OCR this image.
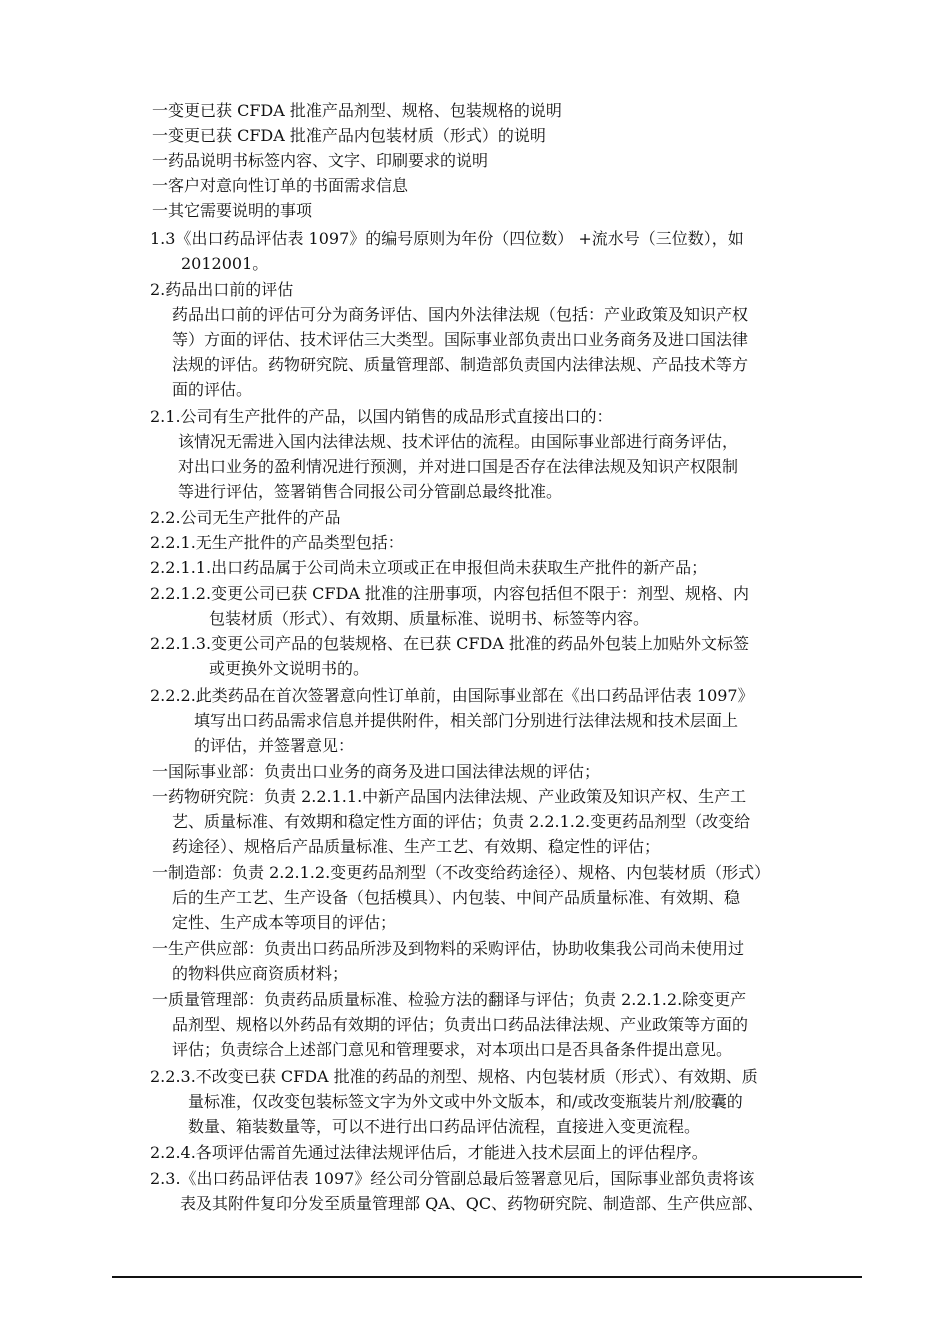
一变更已获 CFDA 批准产品剂型、规格、包装规格的说明
一变更已获 CFDA 批准产品内包装材质（形式）的说明
一药品说明书标签内容、文字、印刷要求的说明
一客户对意向性订单的书面需求信息
一其它需要说明的事项
1.3《出口药品评估表 1097》的编号原则为年份（四位数） +流水号（三位数），如
2012001。
2.药品出口前的评估
药品出口前的评估可分为商务评估、国内外法律法规（包括：产业政策及知识产权
等）方面的评估、技术评估三大类型。国际事业部负责出口业务商务及进口国法律
法规的评估。药物研究院、质量管理部、制造部负责国内法律法规、产品技术等方
面的评估。
2.1.公司有生产批件的产品，以国内销售的成品形式直接出口的：
该情况无需进入国内法律法规、技术评估的流程。由国际事业部进行商务评估，
对出口业务的盈利情况进行预测，并对进口国是否存在法律法规及知识产权限制
等进行评估，签署销售合同报公司分管副总最终批准。
2.2.公司无生产批件的产品
2.2.1.无生产批件的产品类型包括：
2.2.1.1.出口药品属于公司尚未立项或正在申报但尚未获取生产批件的新产品；
2.2.1.2.变更公司已获 CFDA 批准的注册事项，内容包括但不限于：剂型、规格、内
包装材质（形式）、有效期、质量标准、说明书、标签等内容。
2.2.1.3.变更公司产品的包装规格、在已获 CFDA 批准的药品外包装上加贴外文标签
或更换外文说明书的。
2.2.2.此类药品在首次签署意向性订单前，由国际事业部在《出口药品评估表 1097》
填写出口药品需求信息并提供附件，相关部门分别进行法律法规和技术层面上
的评估，并签署意见：
一国际事业部：负责出口业务的商务及进口国法律法规的评估；
一药物研究院：负责 2.2.1.1.中新产品国内法律法规、产业政策及知识产权、生产工
艺、质量标准、有效期和稳定性方面的评估；负责 2.2.1.2.变更药品剂型（改变给
药途径）、规格后产品质量标准、生产工艺、有效期、稳定性的评估；
一制造部：负责 2.2.1.2.变更药品剂型（不改变给药途径）、规格、内包装材质（形式）
后的生产工艺、生产设备（包括模具）、内包装、中间产品质量标准、有效期、稳
定性、生产成本等项目的评估；
一生产供应部：负责出口药品所涉及到物料的采购评估，协助收集我公司尚未使用过
的物料供应商资质材料；
一质量管理部：负责药品质量标准、检验方法的翻译与评估；负责 2.2.1.2.除变更产
品剂型、规格以外药品有效期的评估；负责出口药品法律法规、产业政策等方面的
评估；负责综合上述部门意见和管理要求，对本项出口是否具备条件提出意见。
2.2.3.不改变已获 CFDA 批准的药品的剂型、规格、内包装材质（形式）、有效期、质
量标准，仅改变包装标签文字为外文或中外文版本，和/或改变瓶装片剂/胶囊的
数量、箱装数量等，可以不进行出口药品评估流程，直接进入变更流程。
2.2.4.各项评估需首先通过法律法规评估后，才能进入技术层面上的评估程序。
2.3.《出口药品评估表 1097》经公司分管副总最后签署意见后，国际事业部负责将该
表及其附件复印分发至质量管理部 QA、QC、药物研究院、制造部、生产供应部、
